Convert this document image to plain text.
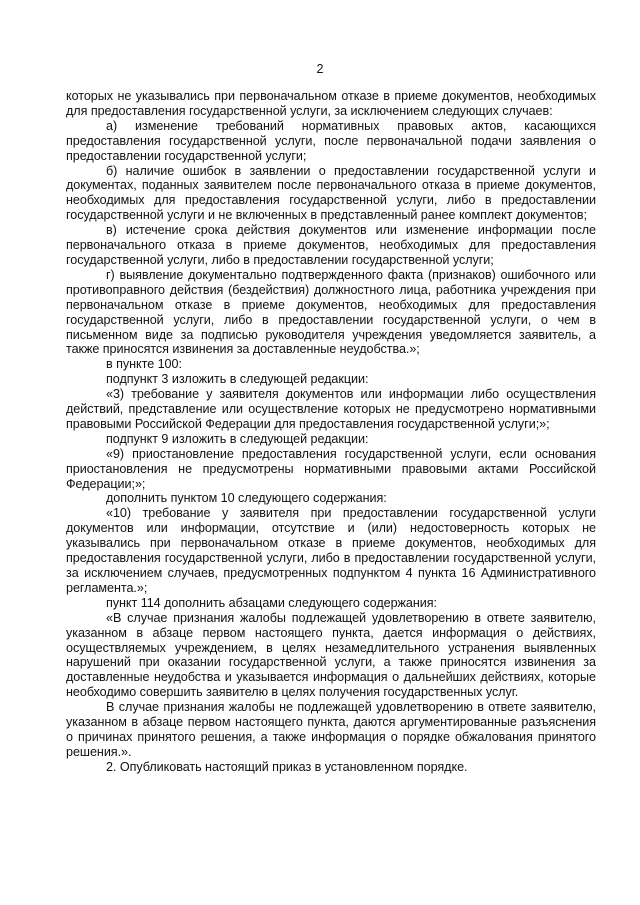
2

которых не указывались при первоначальном отказе в приеме документов, необходимых для предоставления государственной услуги, за исключением следующих случаев:

а) изменение требований нормативных правовых актов, касающихся предоставления государственной услуги, после первоначальной подачи заявления о предоставлении государственной услуги;

б) наличие ошибок в заявлении о предоставлении государственной услуги и документах, поданных заявителем после первоначального отказа в приеме документов, необходимых для предоставления государственной услуги, либо в предоставлении государственной услуги и не включенных в представленный ранее комплект документов;

в) истечение срока действия документов или изменение информации после первоначального отказа в приеме документов, необходимых для предоставления государственной услуги, либо в предоставлении государственной услуги;

г) выявление документально подтвержденного факта (признаков) ошибочного или противоправного действия (бездействия) должностного лица, работника учреждения при первоначальном отказе в приеме документов, необходимых для предоставления государственной услуги, либо в предоставлении государственной услуги, о чем в письменном виде за подписью руководителя учреждения уведомляется заявитель, а также приносятся извинения за доставленные неудобства.»;

в пункте 100:

подпункт 3 изложить в следующей редакции:

«3) требование у заявителя документов или информации либо осуществления действий, представление или осуществление которых не предусмотрено нормативными правовыми Российской Федерации для предоставления государственной услуги;»;

подпункт 9 изложить в следующей редакции:

«9) приостановление предоставления государственной услуги, если основания приостановления не предусмотрены нормативными правовыми актами Российской Федерации;»;

дополнить пунктом 10 следующего содержания:

«10) требование у заявителя при предоставлении государственной услуги документов или информации, отсутствие и (или) недостоверность которых не указывались при первоначальном отказе в приеме документов, необходимых для предоставления государственной услуги, либо в предоставлении государственной услуги, за исключением случаев, предусмотренных подпунктом 4 пункта 16 Административного регламента.»;

пункт 114 дополнить абзацами следующего содержания:

«В случае признания жалобы подлежащей удовлетворению в ответе заявителю, указанном в абзаце первом настоящего пункта, дается информация о действиях, осуществляемых учреждением, в целях незамедлительного устранения выявленных нарушений при оказании государственной услуги, а также приносятся извинения за доставленные неудобства и указывается информация о дальнейших действиях, которые необходимо совершить заявителю в целях получения государственных услуг.

В случае признания жалобы не подлежащей удовлетворению в ответе заявителю, указанном в абзаце первом настоящего пункта, даются аргументированные разъяснения о причинах принятого решения, а также информация о порядке обжалования принятого решения.».

2. Опубликовать настоящий приказ в установленном порядке.
